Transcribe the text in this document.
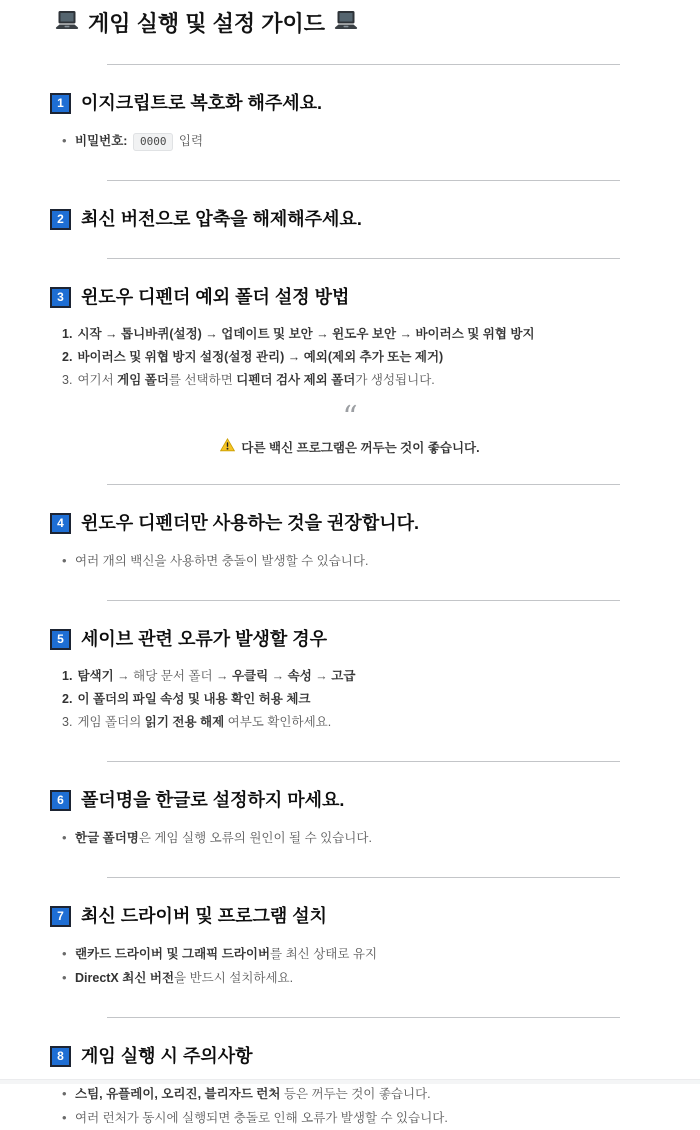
게임 실행 및 설정 가이드
1 이지크립트로 복호화 해주세요.
• 비밀번호: 0000 입력
2 최신 버전으로 압축을 해제해주세요.
3 윈도우 디펜더 예외 폴더 설정 방법
1. 시작 → 톱니바퀴(설정) → 업데이트 및 보안 → 윈도우 보안 → 바이러스 및 위협 방지
2. 바이러스 및 위협 방지 설정(설정 관리) → 예외(제외 추가 또는 제거)
3. 여기서 게임 폴더를 선택하면 디펜더 검사 제외 폴더가 생성됩니다.
“
다른 백신 프로그램은 꺼두는 것이 좋습니다.
4 윈도우 디펜더만 사용하는 것을 권장합니다.
• 여러 개의 백신을 사용하면 충돌이 발생할 수 있습니다.
5 세이브 관련 오류가 발생할 경우
1. 탐색기 → 해당 문서 폴더 → 우클릭 → 속성 → 고급
2. 이 폴더의 파일 속성 및 내용 확인 허용 체크
3. 게임 폴더의 읽기 전용 해제 여부도 확인하세요.
6 폴더명을 한글로 설정하지 마세요.
• 한글 폴더명은 게임 실행 오류의 원인이 될 수 있습니다.
7 최신 드라이버 및 프로그램 설치
• 랜카드 드라이버 및 그래픽 드라이버를 최신 상태로 유지
• DirectX 최신 버전을 반드시 설치하세요.
8 게임 실행 시 주의사항
• 스팀, 유플레이, 오리진, 블리자드 런처 등은 꺼두는 것이 좋습니다.
• 여러 런처가 동시에 실행되면 충돌로 인해 오류가 발생할 수 있습니다.
